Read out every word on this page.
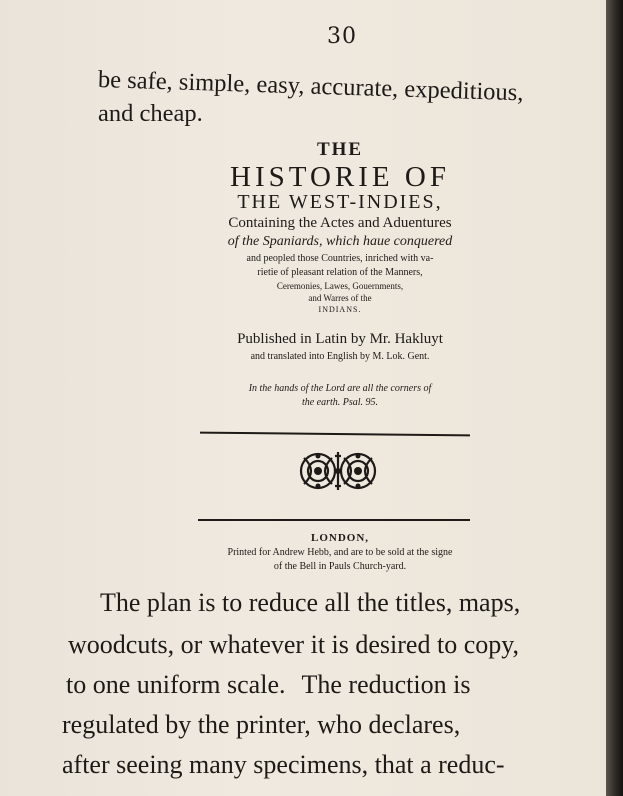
30
be safe, simple, easy, accurate, expeditious,
and cheap.
THE
HISTORIE OF
THE WEST-INDIES,
Containing the Actes and Aduentures
of the Spaniards, which haue conquered
and peopled those Countries, inriched with va-
rietie of pleasant relation of the Manners,
Ceremonies, Lawes, Gouernments,
and Warres of the
INDIANS.
Published in Latin by Mr. Hakluyt
and translated into English by M. Lok. Gent.
In the hands of the Lord are all the corners of
the earth. Psal. 95.
LONDON,
Printed for Andrew Hebb, and are to be sold at the signe
of the Bell in Pauls Church-yard.
The plan is to reduce all the titles, maps,
woodcuts, or whatever it is desired to copy,
to one uniform scale. The reduction is
regulated by the printer, who declares,
after seeing many specimens, that a reduc-
